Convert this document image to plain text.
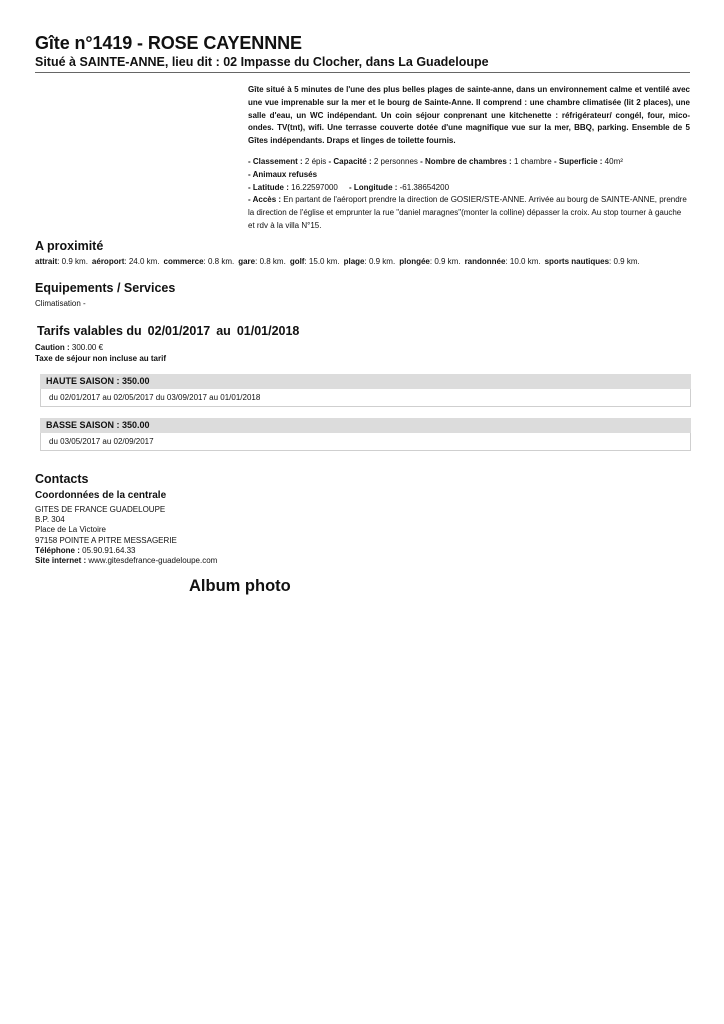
Gîte n°1419 - ROSE CAYENNNE
Situé à SAINTE-ANNE, lieu dit : 02 Impasse du Clocher, dans La Guadeloupe
Gîte situé à 5 minutes de l'une des plus belles plages de sainte-anne, dans un environnement calme et ventilé avec une vue imprenable sur la mer et le bourg de Sainte-Anne. Il comprend : une chambre climatisée (lit 2 places), une salle d'eau, un WC indépendant. Un coin séjour conprenant une kitchenette : réfrigérateur/ congél, four, mico-ondes. TV(tnt), wifi. Une terrasse couverte dotée d'une magnifique vue sur la mer, BBQ, parking. Ensemble de 5 Gîtes indépendants. Draps et linges de toilette fournis.
- Classement : 2 épis - Capacité : 2 personnes - Nombre de chambres : 1 chambre - Superficie : 40m²
- Animaux refusés
- Latitude : 16.22597000 - Longitude : -61.38654200
- Accès : En partant de l'aéroport prendre la direction de GOSIER/STE-ANNE. Arrivée au bourg de SAINTE-ANNE, prendre la direction de l'église et emprunter la rue "daniel maragnes"(monter la colline) dépasser la croix. Au stop tourner à gauche et rdv à la villa N°15.
A proximité
attrait: 0.9 km. aéroport: 24.0 km. commerce: 0.8 km. gare: 0.8 km. golf: 15.0 km. plage: 0.9 km. plongée: 0.9 km. randonnée: 10.0 km. sports nautiques: 0.9 km.
Equipements / Services
Climatisation -
Tarifs valables du 02/01/2017 au 01/01/2018
Caution : 300.00 €
Taxe de séjour non incluse au tarif
HAUTE SAISON : 350.00
du 02/01/2017 au 02/05/2017 du 03/09/2017 au 01/01/2018
BASSE SAISON : 350.00
du 03/05/2017 au 02/09/2017
Contacts
Coordonnées de la centrale
GITES DE FRANCE GUADELOUPE
B.P. 304
Place de La Victoire
97158 POINTE A PITRE MESSAGERIE
Téléphone : 05.90.91.64.33
Site internet : www.gitesdefrance-guadeloupe.com
Album photo
